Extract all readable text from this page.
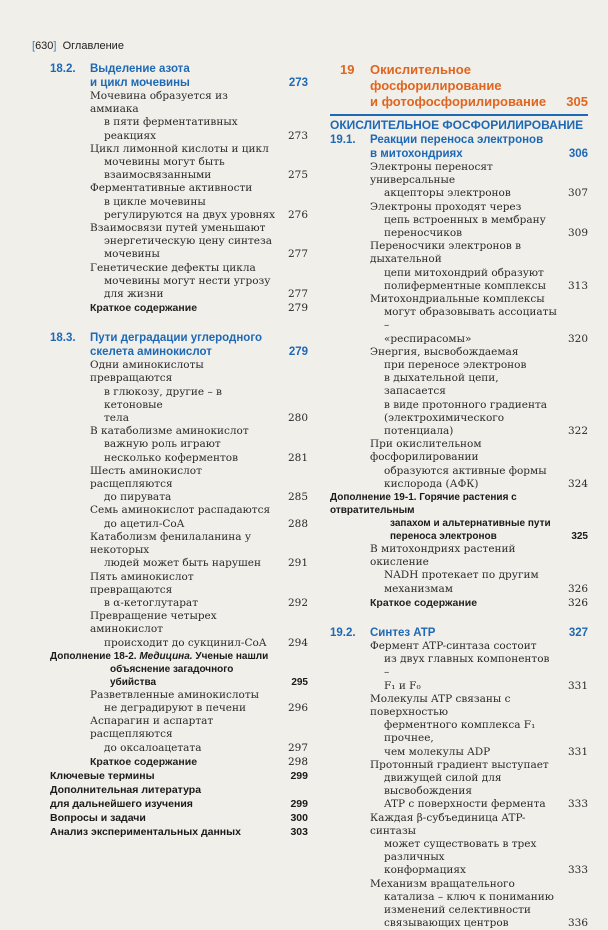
[630] Оглавление
18.2. Выделение азота
и цикл мочевины	273
Мочевина образуется из аммиака
в пяти ферментативных реакциях	273
Цикл лимонной кислоты и цикл
мочевины могут быть
взаимосвязанными	275
Ферментативные активности
в цикле мочевины
регулируются на двух уровнях 276
Взаимосвязи путей уменьшают
энергетическую цену синтеза
мочевины	277
Генетические дефекты цикла
мочевины могут нести угрозу
для жизни	277
Краткое содержание	279
18.3. Пути деградации углеродного
скелета аминокислот	279
Одни аминокислоты превращаются
в глюкозу, другие – в кетоновые
тела	280
В катаболизме аминокислот
важную роль играют
несколько коферментов	281
Шесть аминокислот расщепляются
до пирувата	285
Семь аминокислот распадаются
до ацетил-CoA	288
Катаболизм фенилаланина у некоторых
людей может быть нарушен	291
Пять аминокислот превращаются
в α-кетоглутарат	292
Превращение четырех аминокислот
происходит до сукцинил-CoA	294
Дополнение 18-2. Медицина. Ученые нашли
объяснение загадочного убийства	295
Разветвленные аминокислоты
не деградируют в печени	296
Аспарагин и аспартат расщепляются
до оксалоацетата	297
Краткое содержание	298
Ключевые термины	299
Дополнительная литература
для дальнейшего изучения	299
Вопросы и задачи	300
Анализ экспериментальных данных	303
19 Окислительное фосфорилирование
и фотофосфорилирование 305
ОКИСЛИТЕЛЬНОЕ ФОСФОРИЛИРОВАНИЕ
19.1. Реакции переноса электронов
в митохондриях	306
Электроны переносят универсальные
акцепторы электронов	307
Электроны проходят через
цепь встроенных в мембрану
переносчиков	309
Переносчики электронов в дыхательной
цепи митохондрий образуют
полиферментные комплексы	313
Митохондриальные комплексы
могут образовывать ассоциаты –
«респирасомы»	320
Энергия, высвобождаемая
при переносе электронов
в дыхательной цепи, запасается
в виде протонного градиента
(электрохимического потенциала)	322
При окислительном фосфорилировании
образуются активные формы
кислорода (АФК)	324
Дополнение 19-1. Горячие растения с отвратительным
запахом и альтернативные пути
переноса электронов	325
В митохондриях растений окисление
NADH протекает по другим
механизмам	326
Краткое содержание	326
19.2. Синтез ATP	327
Фермент ATP-синтаза состоит
из двух главных компонентов –
F₁ и F₀	331
Молекулы ATP связаны с поверхностью
ферментного комплекса F₁ прочнее,
чем молекулы ADP	331
Протонный градиент выступает
движущей силой для высвобождения
ATP с поверхности фермента	333
Каждая β-субъединица ATP-синтазы
может существовать в трех различных
конформациях	333
Механизм вращательного
катализа – ключ к пониманию
изменений селективности
связывающих центров	336
